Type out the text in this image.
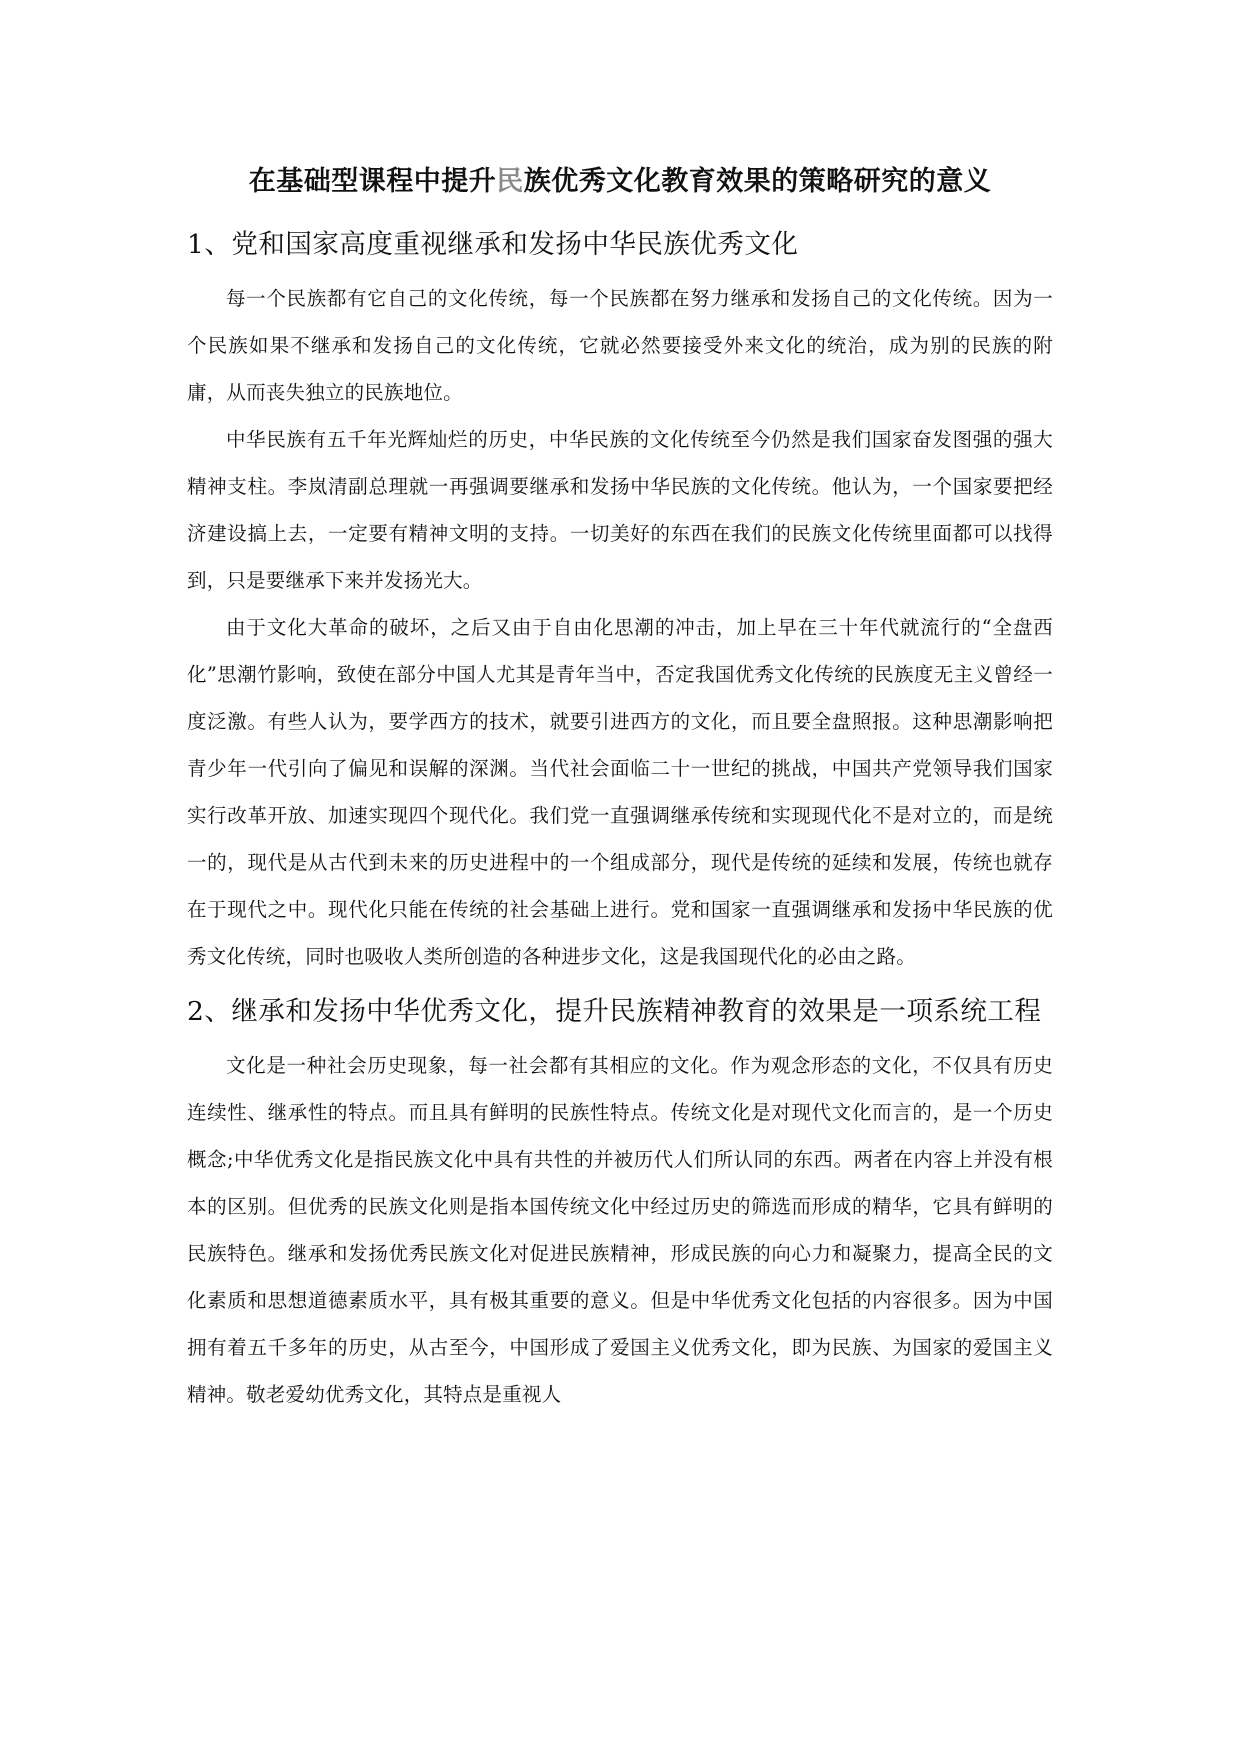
在基础型课程中提升民族优秀文化教育效果的策略研究的意义
1、党和国家高度重视继承和发扬中华民族优秀文化

每一个民族都有它自己的文化传统，每一个民族都在努力继承和发扬自己的文化传统。因为一个民族如果不继承和发扬自己的文化传统，它就必然要接受外来文化的统治，成为别的民族的附庸，从而丧失独立的民族地位。

中华民族有五千年光辉灿烂的历史，中华民族的文化传统至今仍然是我们国家奋发图强的强大精神支柱。李岚清副总理就一再强调要继承和发扬中华民族的文化传统。他认为，一个国家要把经济建设搞上去，一定要有精神文明的支持。一切美好的东西在我们的民族文化传统里面都可以找得到，只是要继承下来并发扬光大。

由于文化大革命的破坏，之后又由于自由化思潮的冲击，加上早在三十年代就流行的“全盘西化”思潮竹影响，致使在部分中国人尤其是青年当中，否定我国优秀文化传统的民族度无主义曾经一度泛激。有些人认为，要学西方的技术，就要引进西方的文化，而且要全盘照报。这种思潮影响把青少年一代引向了偏见和误解的深渊。当代社会面临二十一世纪的挑战，中国共产党领导我们国家实行改革开放、加速实现四个现代化。我们党一直强调继承传统和实现现代化不是对立的，而是统一的，现代是从古代到未来的历史进程中的一个组成部分，现代是传统的延续和发展，传统也就存在于现代之中。现代化只能在传统的社会基础上进行。党和国家一直强调继承和发扬中华民族的优秀文化传统，同时也吸收人类所创造的各种进步文化，这是我国现代化的必由之路。

2、继承和发扬中华优秀文化，提升民族精神教育的效果是一项系统工程

文化是一种社会历史现象，每一社会都有其相应的文化。作为观念形态的文化，不仅具有历史连续性、继承性的特点。而且具有鲜明的民族性特点。传统文化是对现代文化而言的，是一个历史概念;中华优秀文化是指民族文化中具有共性的并被历代人们所认同的东西。两者在内容上并没有根本的区别。但优秀的民族文化则是指本国传统文化中经过历史的筛选而形成的精华，它具有鲜明的民族特色。继承和发扬优秀民族文化对促进民族精神，形成民族的向心力和凝聚力，提高全民的文化素质和思想道德素质水平，具有极其重要的意义。但是中华优秀文化包括的内容很多。因为中国拥有着五千多年的历史，从古至今，中国形成了爱国主义优秀文化，即为民族、为国家的爱国主义精神。敬老爱幼优秀文化，其特点是重视人
